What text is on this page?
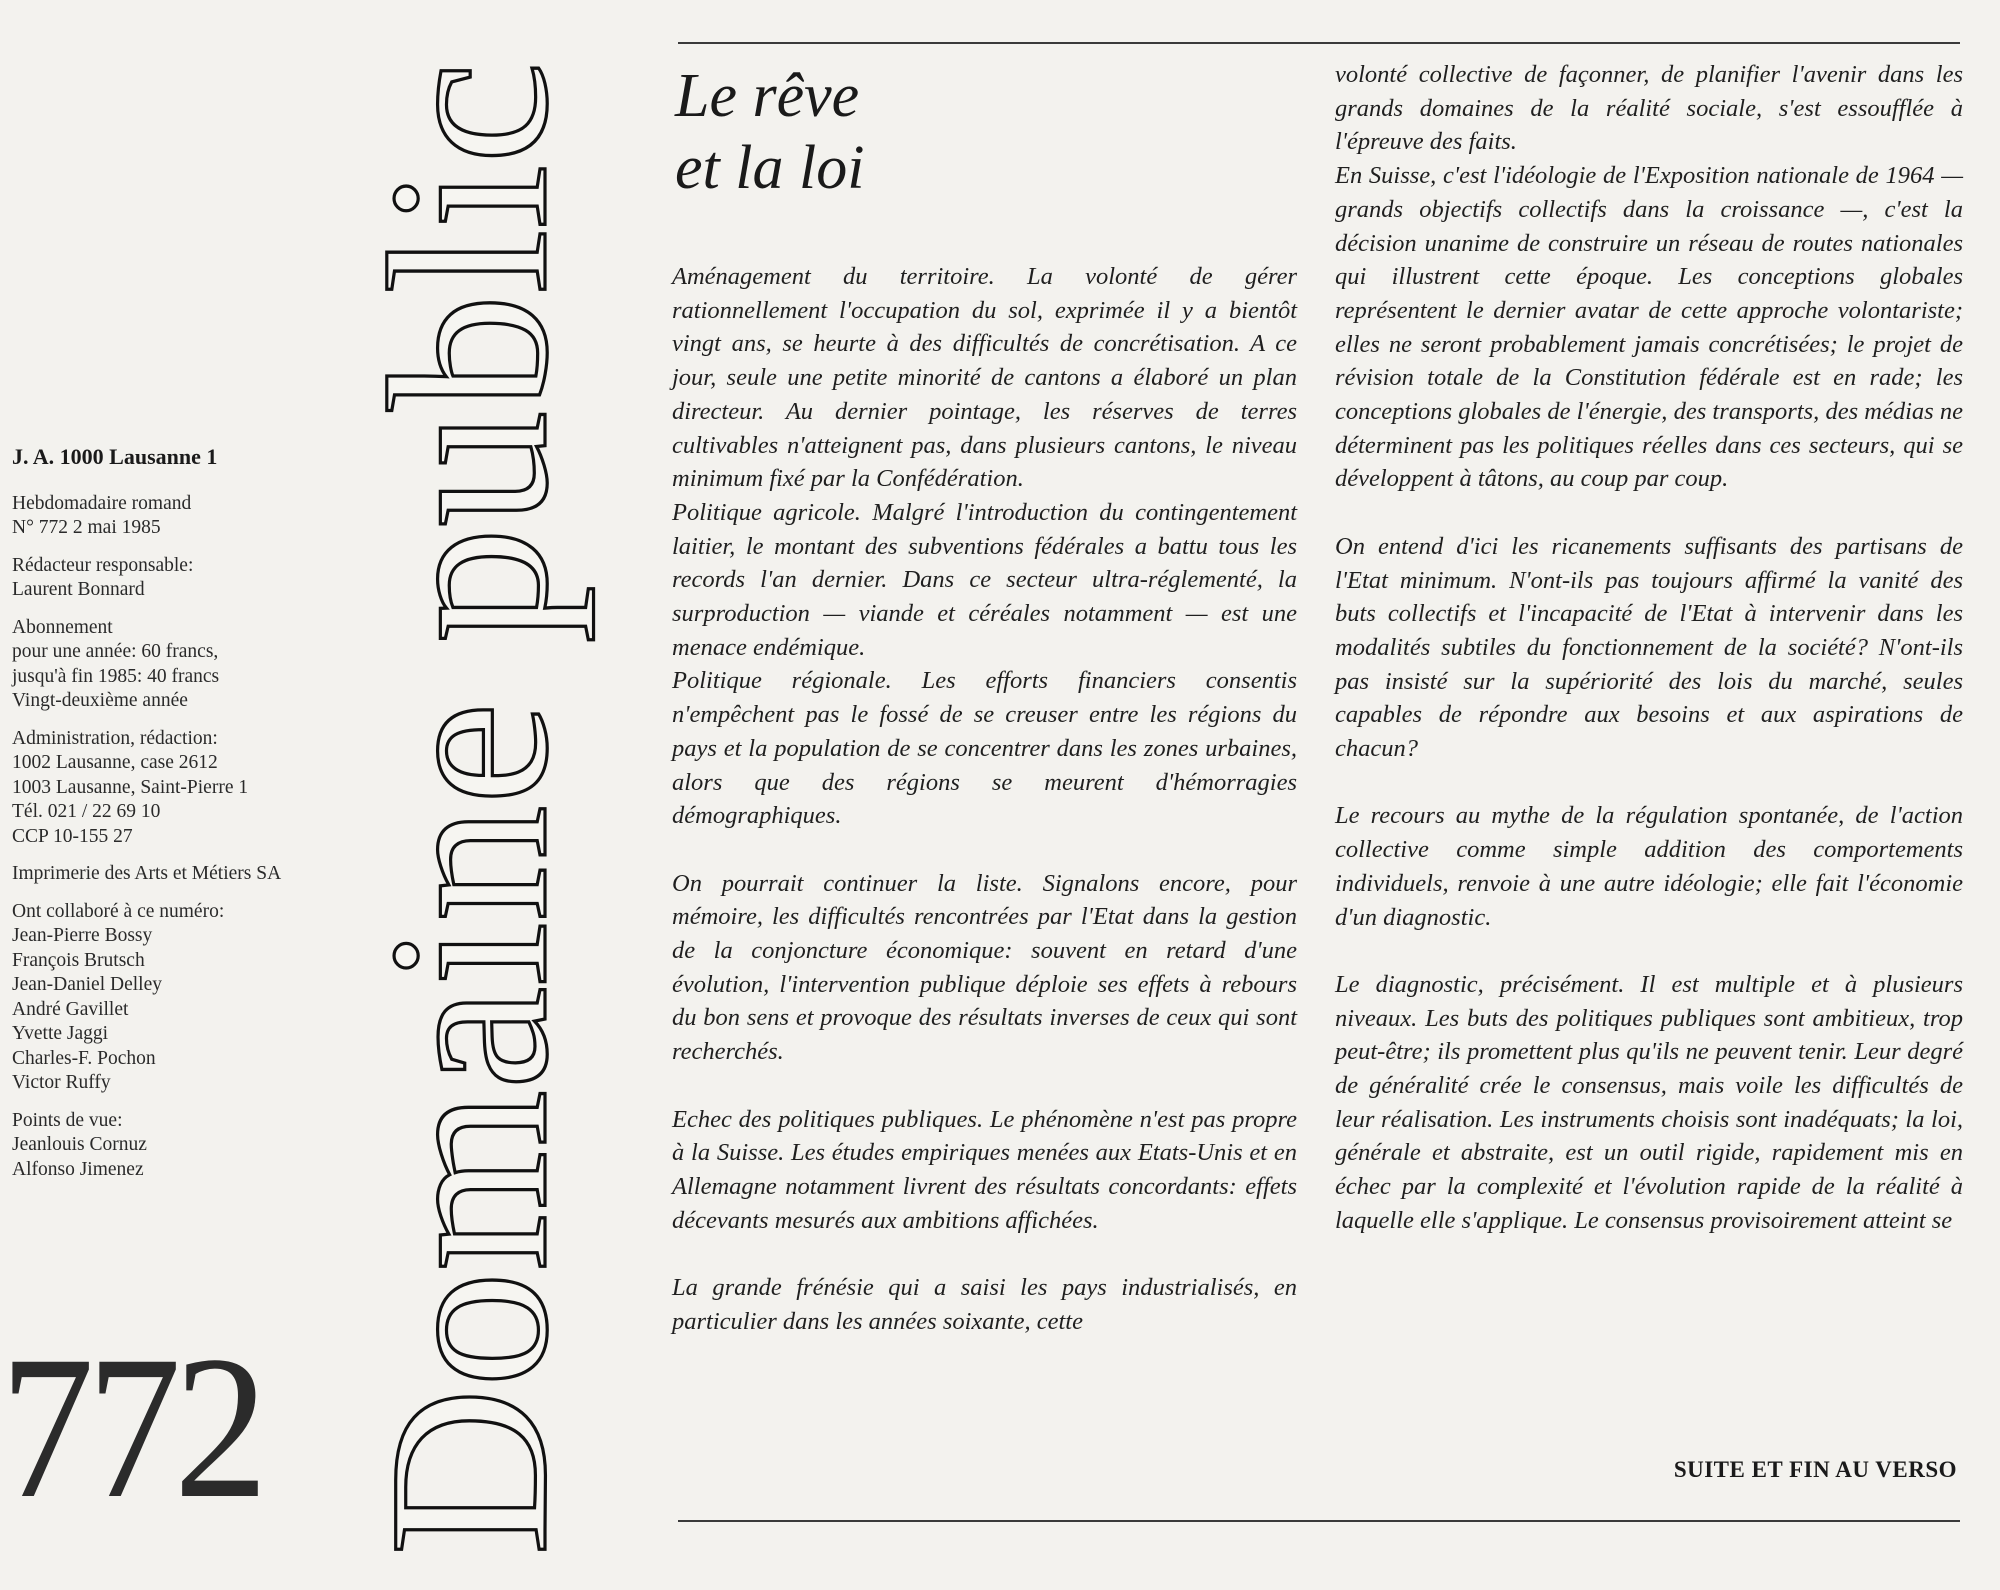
J. A. 1000 Lausanne 1
Hebdomadaire romand
N° 772 2 mai 1985
Rédacteur responsable:
Laurent Bonnard
Abonnement
pour une année: 60 francs,
jusqu'à fin 1985: 40 francs
Vingt-deuxième année
Administration, rédaction:
1002 Lausanne, case 2612
1003 Lausanne, Saint-Pierre 1
Tél. 021 / 22 69 10
CCP 10-155 27
Imprimerie des Arts et Métiers SA
Ont collaboré à ce numéro:
Jean-Pierre Bossy
François Brutsch
Jean-Daniel Delley
André Gavillet
Yvette Jaggi
Charles-F. Pochon
Victor Ruffy
Points de vue:
Jeanlouis Cornuz
Alfonso Jimenez
772 Domaine public Le rêve
et la loi

Aménagement du territoire. La volonté de gérer rationnellement l'occupation du sol, exprimée il y a bientôt vingt ans, se heurte à des difficultés de concrétisation. A ce jour, seule une petite minorité de cantons a élaboré un plan directeur. Au dernier pointage, les réserves de terres cultivables n'atteignent pas, dans plusieurs cantons, le niveau minimum fixé par la Confédération.

Politique agricole. Malgré l'introduction du contingentement laitier, le montant des subventions fédérales a battu tous les records l'an dernier. Dans ce secteur ultra-réglementé, la surproduction — viande et céréales notamment — est une menace endémique.

Politique régionale. Les efforts financiers consentis n'empêchent pas le fossé de se creuser entre les régions du pays et la population de se concentrer dans les zones urbaines, alors que des régions se meurent d'hémorragies démographiques.

On pourrait continuer la liste. Signalons encore, pour mémoire, les difficultés rencontrées par l'Etat dans la gestion de la conjoncture économique: souvent en retard d'une évolution, l'intervention publique déploie ses effets à rebours du bon sens et provoque des résultats inverses de ceux qui sont recherchés.

Echec des politiques publiques. Le phénomène n'est pas propre à la Suisse. Les études empiriques menées aux Etats-Unis et en Allemagne notamment livrent des résultats concordants: effets décevants mesurés aux ambitions affichées.

La grande frénésie qui a saisi les pays industrialisés, en particulier dans les années soixante, cette

volonté collective de façonner, de planifier l'avenir dans les grands domaines de la réalité sociale, s'est essoufflée à l'épreuve des faits.

En Suisse, c'est l'idéologie de l'Exposition nationale de 1964 — grands objectifs collectifs dans la croissance —, c'est la décision unanime de construire un réseau de routes nationales qui illustrent cette époque. Les conceptions globales représentent le dernier avatar de cette approche volontariste; elles ne seront probablement jamais concrétisées; le projet de révision totale de la Constitution fédérale est en rade; les conceptions globales de l'énergie, des transports, des médias ne déterminent pas les politiques réelles dans ces secteurs, qui se développent à tâtons, au coup par coup.

On entend d'ici les ricanements suffisants des partisans de l'Etat minimum. N'ont-ils pas toujours affirmé la vanité des buts collectifs et l'incapacité de l'Etat à intervenir dans les modalités subtiles du fonctionnement de la société? N'ont-ils pas insisté sur la supériorité des lois du marché, seules capables de répondre aux besoins et aux aspirations de chacun?

Le recours au mythe de la régulation spontanée, de l'action collective comme simple addition des comportements individuels, renvoie à une autre idéologie; elle fait l'économie d'un diagnostic.

Le diagnostic, précisément. Il est multiple et à plusieurs niveaux. Les buts des politiques publiques sont ambitieux, trop peut-être; ils promettent plus qu'ils ne peuvent tenir. Leur degré de généralité crée le consensus, mais voile les difficultés de leur réalisation. Les instruments choisis sont inadéquats; la loi, générale et abstraite, est un outil rigide, rapidement mis en échec par la complexité et l'évolution rapide de la réalité à laquelle elle s'applique. Le consensus provisoirement atteint se

SUITE ET FIN AU VERSO
